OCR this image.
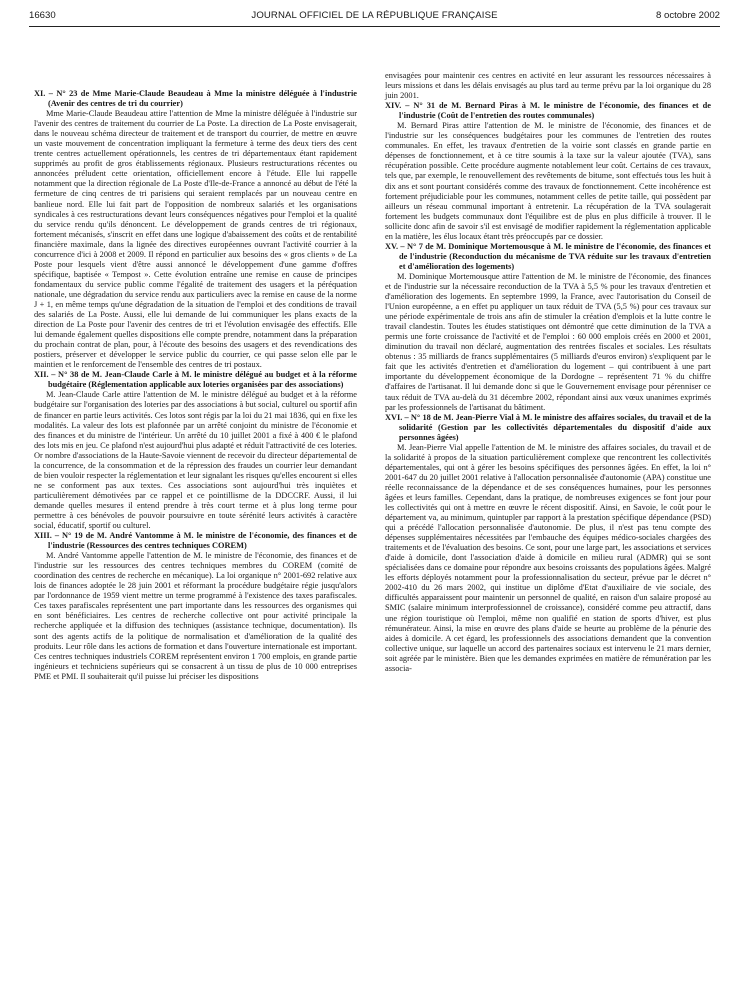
16630	JOURNAL OFFICIEL DE LA RÉPUBLIQUE FRANÇAISE	8 octobre 2002

XI. – N° 23 de Mme Marie-Claude Beaudeau à Mme la ministre déléguée à l'industrie (Avenir des centres de tri du courrier)

Mme Marie-Claude Beaudeau attire l'attention de Mme la ministre déléguée à l'industrie sur l'avenir des centres de traitement du courrier de La Poste. La direction de La Poste envisagerait, dans le nouveau schéma directeur de traitement et de transport du courrier, de mettre en œuvre un vaste mouvement de concentration impliquant la fermeture à terme des deux tiers des cent trente centres actuellement opérationnels, les centres de tri départementaux étant rapidement supprimés au profit de gros établissements régionaux. Plusieurs restructurations récentes ou annoncées préludent cette orientation, officiellement encore à l'étude. Elle lui rappelle notamment que la direction régionale de La Poste d'Ile-de-France a annoncé au début de l'été la fermeture de cinq centres de tri parisiens qui seraient remplacés par un nouveau centre en banlieue nord. Elle lui fait part de l'opposition de nombreux salariés et les organisations syndicales à ces restructurations devant leurs conséquences négatives pour l'emploi et la qualité du service rendu qu'ils dénoncent. Le développement de grands centres de tri régionaux, fortement mécanisés, s'inscrit en effet dans une logique d'abaissement des coûts et de rentabilité financière maximale, dans la lignée des directives européennes ouvrant l'activité courrier à la concurrence d'ici à 2008 et 2009. Il répond en particulier aux besoins des « gros clients » de La Poste pour lesquels vient d'être aussi annoncé le développement d'une gamme d'offres spécifique, baptisée « Tempost ». Cette évolution entraîne une remise en cause de principes fondamentaux du service public comme l'égalité de traitement des usagers et la péréquation nationale, une dégradation du service rendu aux particuliers avec la remise en cause de la norme J + 1, en même temps qu'une dégradation de la situation de l'emploi et des conditions de travail des salariés de La Poste. Aussi, elle lui demande de lui communiquer les plans exacts de la direction de La Poste pour l'avenir des centres de tri et l'évolution envisagée des effectifs. Elle lui demande également quelles dispositions elle compte prendre, notamment dans la préparation du prochain contrat de plan, pour, à l'écoute des besoins des usagers et des revendications des postiers, préserver et développer le service public du courrier, ce qui passe selon elle par le maintien et le renforcement de l'ensemble des centres de tri postaux.

XII. – N° 38 de M. Jean-Claude Carle à M. le ministre délégué au budget et à la réforme budgétaire (Réglementation applicable aux loteries organisées par des associations)

M. Jean-Claude Carle attire l'attention de M. le ministre délégué au budget et à la réforme budgétaire sur l'organisation des loteries par des associations à but social, culturel ou sportif afin de financer en partie leurs activités. Ces lotos sont régis par la loi du 21 mai 1836, qui en fixe les modalités. La valeur des lots est plafonnée par un arrêté conjoint du ministre de l'économie et des finances et du ministre de l'intérieur. Un arrêté du 10 juillet 2001 a fixé à 400 € le plafond des lots mis en jeu. Ce plafond n'est aujourd'hui plus adapté et réduit l'attractivité de ces loteries. Or nombre d'associations de la Haute-Savoie viennent de recevoir du directeur départemental de la concurrence, de la consommation et de la répression des fraudes un courrier leur demandant de bien vouloir respecter la réglementation et leur signalant les risques qu'elles encourent si elles ne se conforment pas aux textes. Ces associations sont aujourd'hui très inquiètes et particulièrement démotivées par ce rappel et ce pointillisme de la DDCCRF. Aussi, il lui demande quelles mesures il entend prendre à très court terme et à plus long terme pour permettre à ces bénévoles de pouvoir poursuivre en toute sérénité leurs activités à caractère social, éducatif, sportif ou culturel.

XIII. – N° 19 de M. André Vantomme à M. le ministre de l'économie, des finances et de l'industrie (Ressources des centres techniques COREM)

M. André Vantomme appelle l'attention de M. le ministre de l'économie, des finances et de l'industrie sur les ressources des centres techniques membres du COREM (comité de coordination des centres de recherche en mécanique). La loi organique n° 2001-692 relative aux lois de finances adoptée le 28 juin 2001 et réformant la procédure budgétaire régie jusqu'alors par l'ordonnance de 1959 vient mettre un terme programmé à l'existence des taxes parafiscales. Ces taxes parafiscales représentent une part importante dans les ressources des organismes qui en sont bénéficiaires. Les centres de recherche collective ont pour activité principale la recherche appliquée et la diffusion des techniques (assistance technique, documentation). Ils sont des agents actifs de la politique de normalisation et d'amélioration de la qualité des produits. Leur rôle dans les actions de formation et dans l'ouverture internationale est important. Ces centres techniques industriels COREM représentent environ 1 700 emplois, en grande partie ingénieurs et techniciens supérieurs qui se consacrent à un tissu de plus de 10 000 entreprises PME et PMI. Il souhaiterait qu'il puisse lui préciser les dispositions

envisagées pour maintenir ces centres en activité en leur assurant les ressources nécessaires à leurs missions et dans les délais envisagés au plus tard au terme prévu par la loi organique du 28 juin 2001.

XIV. – N° 31 de M. Bernard Piras à M. le ministre de l'économie, des finances et de l'industrie (Coût de l'entretien des routes communales)

M. Bernard Piras attire l'attention de M. le ministre de l'économie, des finances et de l'industrie sur les conséquences budgétaires pour les communes de l'entretien des routes communales. En effet, les travaux d'entretien de la voirie sont classés en grande partie en dépenses de fonctionnement, et à ce titre soumis à la taxe sur la valeur ajoutée (TVA), sans récupération possible. Cette procédure augmente notablement leur coût. Certains de ces travaux, tels que, par exemple, le renouvellement des revêtements de bitume, sont effectués tous les huit à dix ans et sont pourtant considérés comme des travaux de fonctionnement. Cette incohérence est fortement préjudiciable pour les communes, notamment celles de petite taille, qui possèdent par ailleurs un réseau communal important à entretenir. La récupération de la TVA soulagerait fortement les budgets communaux dont l'équilibre est de plus en plus difficile à trouver. Il le sollicite donc afin de savoir s'il est envisagé de modifier rapidement la réglementation applicable en la matière, les élus locaux étant très préoccupés par ce dossier.

XV. – N° 7 de M. Dominique Mortemousque à M. le ministre de l'économie, des finances et de l'industrie (Reconduction du mécanisme de TVA réduite sur les travaux d'entretien et d'amélioration des logements)

M. Dominique Mortemousque attire l'attention de M. le ministre de l'économie, des finances et de l'industrie sur la nécessaire reconduction de la TVA à 5,5 % pour les travaux d'entretien et d'amélioration des logements. En septembre 1999, la France, avec l'autorisation du Conseil de l'Union européenne, a en effet pu appliquer un taux réduit de TVA (5,5 %) pour ces travaux sur une période expérimentale de trois ans afin de stimuler la création d'emplois et la lutte contre le travail clandestin. Toutes les études statistiques ont démontré que cette diminution de la TVA a permis une forte croissance de l'activité et de l'emploi : 60 000 emplois créés en 2000 et 2001, diminution du travail non déclaré, augmentation des rentrées fiscales et sociales. Les résultats obtenus : 35 milliards de francs supplémentaires (5 milliards d'euros environ) s'expliquent par le fait que les activités d'entretien et d'amélioration du logement – qui contribuent à une part importante du développement économique de la Dordogne – représentent 71 % du chiffre d'affaires de l'artisanat. Il lui demande donc si que le Gouvernement envisage pour pérenniser ce taux réduit de TVA au-delà du 31 décembre 2002, répondant ainsi aux vœux unanimes exprimés par les professionnels de l'artisanat du bâtiment.

XVI. – N° 18 de M. Jean-Pierre Vial à M. le ministre des affaires sociales, du travail et de la solidarité (Gestion par les collectivités départementales du dispositif d'aide aux personnes âgées)

M. Jean-Pierre Vial appelle l'attention de M. le ministre des affaires sociales, du travail et de la solidarité à propos de la situation particulièrement complexe que rencontrent les collectivités départementales, qui ont à gérer les besoins spécifiques des personnes âgées. En effet, la loi n° 2001-647 du 20 juillet 2001 relative à l'allocation personnalisée d'autonomie (APA) constitue une réelle reconnaissance de la dépendance et de ses conséquences humaines, pour les personnes âgées et leurs familles. Cependant, dans la pratique, de nombreuses exigences se font jour pour les collectivités qui ont à mettre en œuvre le récent dispositif. Ainsi, en Savoie, le coût pour le département va, au minimum, quintupler par rapport à la prestation spécifique dépendance (PSD) qui a précédé l'allocation personnalisée d'autonomie. De plus, il n'est pas tenu compte des dépenses supplémentaires nécessitées par l'embauche des équipes médico-sociales chargées des traitements et de l'évaluation des besoins. Ce sont, pour une large part, les associations et services d'aide à domicile, dont l'association d'aide à domicile en milieu rural (ADMR) qui se sont spécialisées dans ce domaine pour répondre aux besoins croissants des populations âgées. Malgré les efforts déployés notamment pour la professionnalisation du secteur, prévue par le décret n° 2002-410 du 26 mars 2002, qui institue un diplôme d'Etat d'auxiliaire de vie sociale, des difficultés apparaissent pour maintenir un personnel de qualité, en raison d'un salaire proposé au SMIC (salaire minimum interprofessionnel de croissance), considéré comme peu attractif, dans une région touristique où l'emploi, même non qualifié en station de sports d'hiver, est plus rémunérateur. Ainsi, la mise en œuvre des plans d'aide se heurte au problème de la pénurie des aides à domicile. A cet égard, les professionnels des associations demandent que la convention collective unique, sur laquelle un accord des partenaires sociaux est intervenu le 21 mars dernier, soit agréée par le ministère. Bien que les demandes exprimées en matière de rémunération par les associa-
